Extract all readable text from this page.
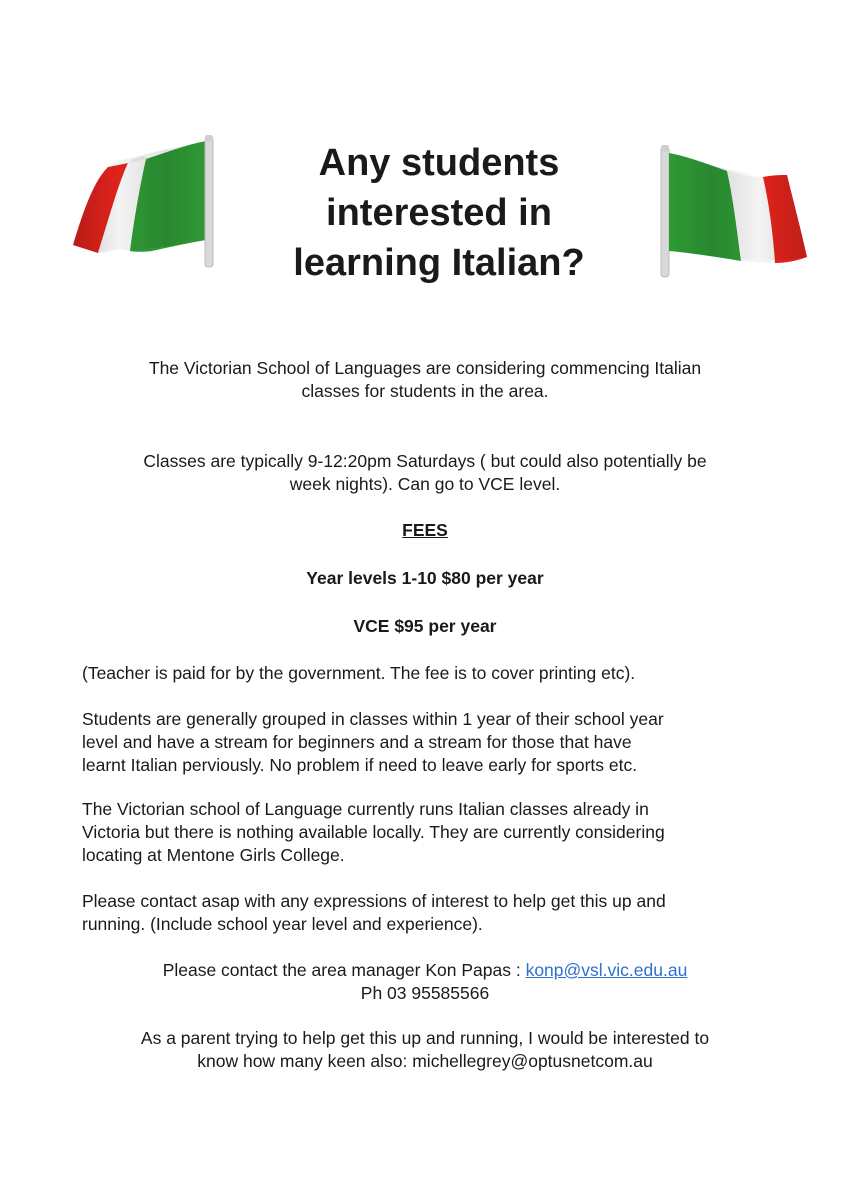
Any students
interested in
learning Italian?

The Victorian School of Languages are considering commencing Italian
classes for students in the area.

Classes are typically 9-12:20pm Saturdays ( but could also potentially be
week nights). Can go to VCE level.

FEES

Year levels 1-10 $80 per year

VCE $95 per year

(Teacher is paid for by the government. The fee is to cover printing etc).

Students are generally grouped in classes within 1 year of their school year
level and have a stream for beginners and a stream for those that have
learnt Italian perviously. No problem if need to leave early for sports etc.

The Victorian school of Language currently runs Italian classes already in
Victoria but there is nothing available locally. They are currently considering
locating at Mentone Girls College.

Please contact asap with any expressions of interest to help get this up and
running. (Include school year level and experience).

Please contact the area manager Kon Papas : konp@vsl.vic.edu.au
Ph 03 95585566

As a parent trying to help get this up and running, I would be interested to
know how many keen also: michellegrey@optusnetcom.au
